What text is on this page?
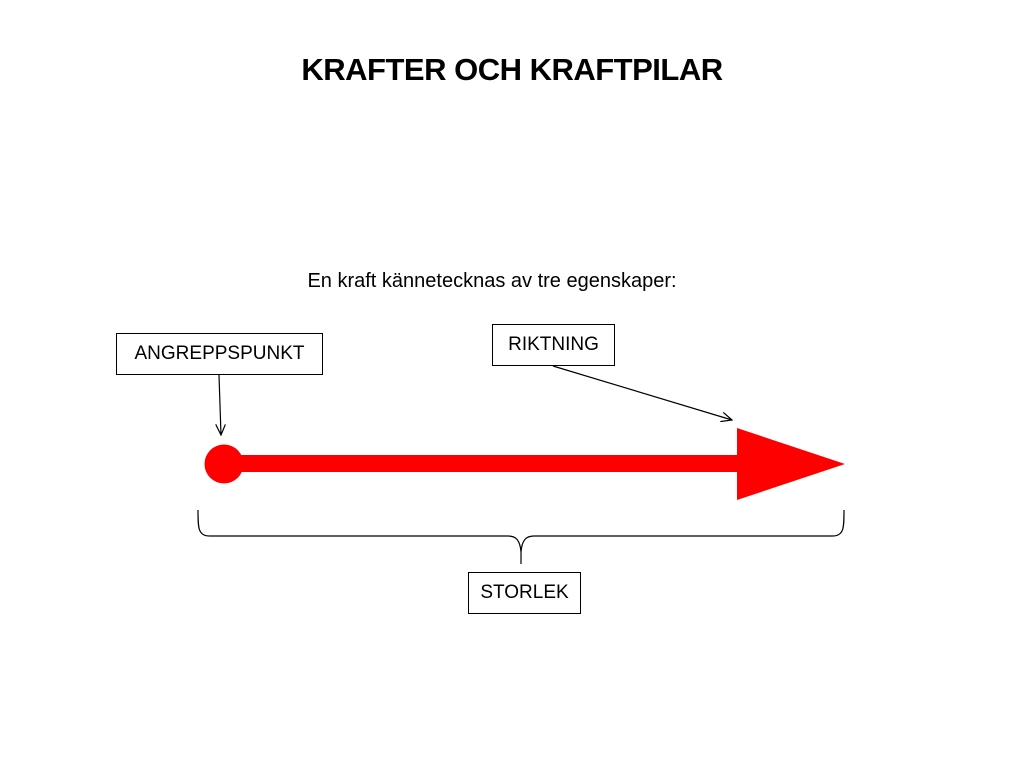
KRAFTER OCH KRAFTPILAR
En kraft kännetecknas av tre egenskaper:
ANGREPPSPUNKT	RIKTNING
STORLEK
